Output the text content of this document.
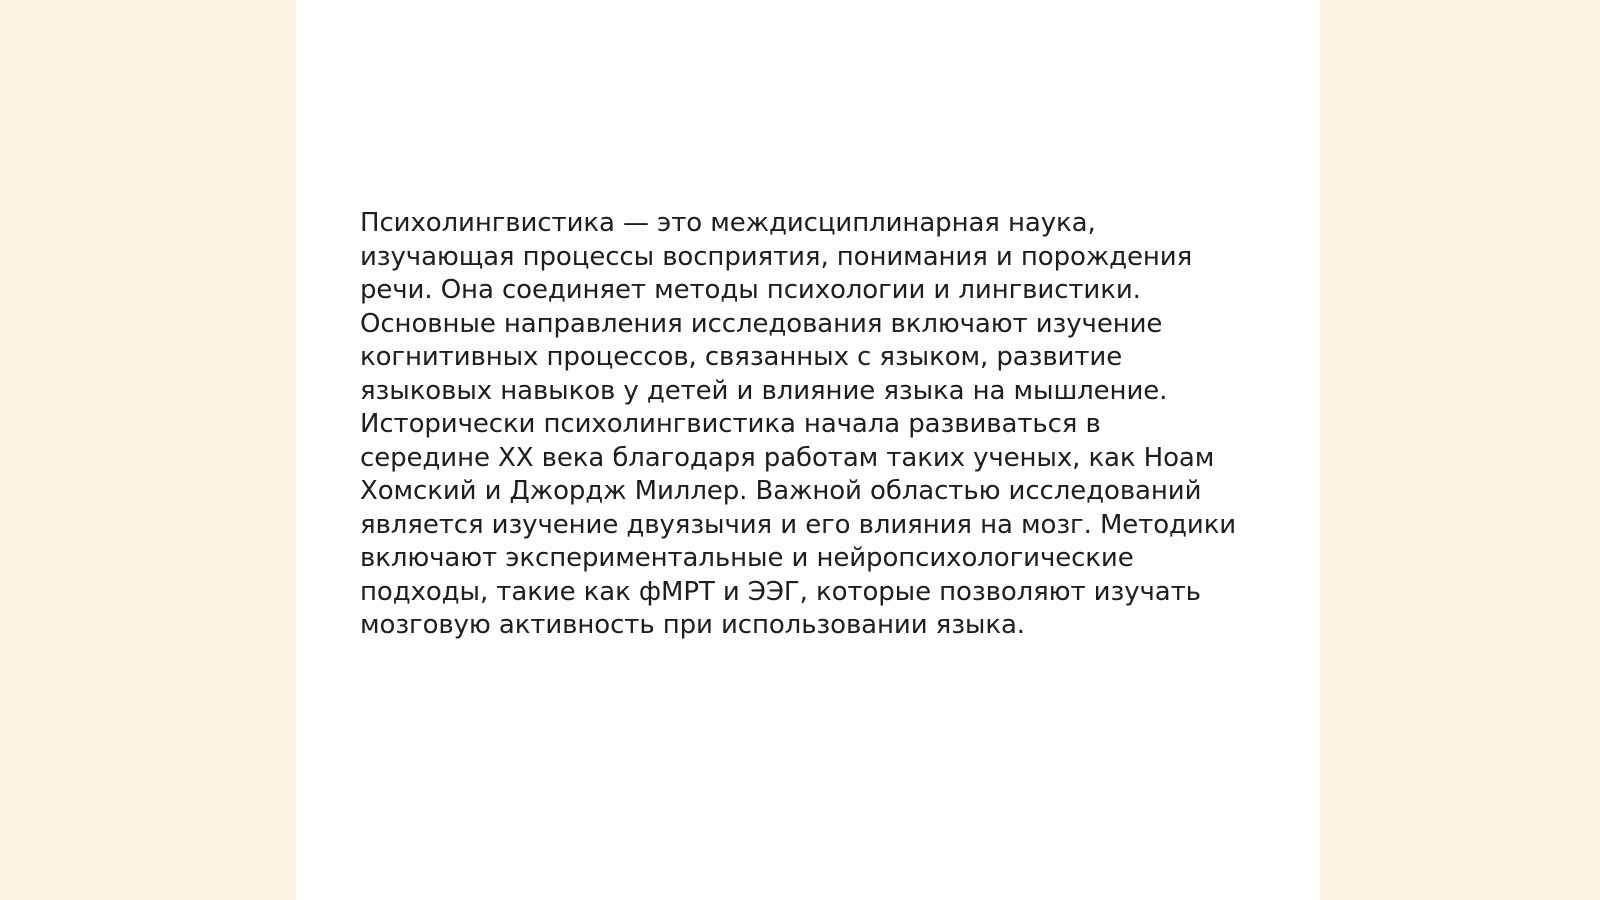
Психолингвистика — это междисциплинарная наука,
изучающая процессы восприятия, понимания и порождения
речи. Она соединяет методы психологии и лингвистики.
Основные направления исследования включают изучение
когнитивных процессов, связанных с языком, развитие
языковых навыков у детей и влияние языка на мышление.
Исторически психолингвистика начала развиваться в
середине XX века благодаря работам таких ученых, как Ноам
Хомский и Джордж Миллер. Важной областью исследований
является изучение двуязычия и его влияния на мозг. Методики
включают экспериментальные и нейропсихологические
подходы, такие как фМРТ и ЭЭГ, которые позволяют изучать
мозговую активность при использовании языка.
